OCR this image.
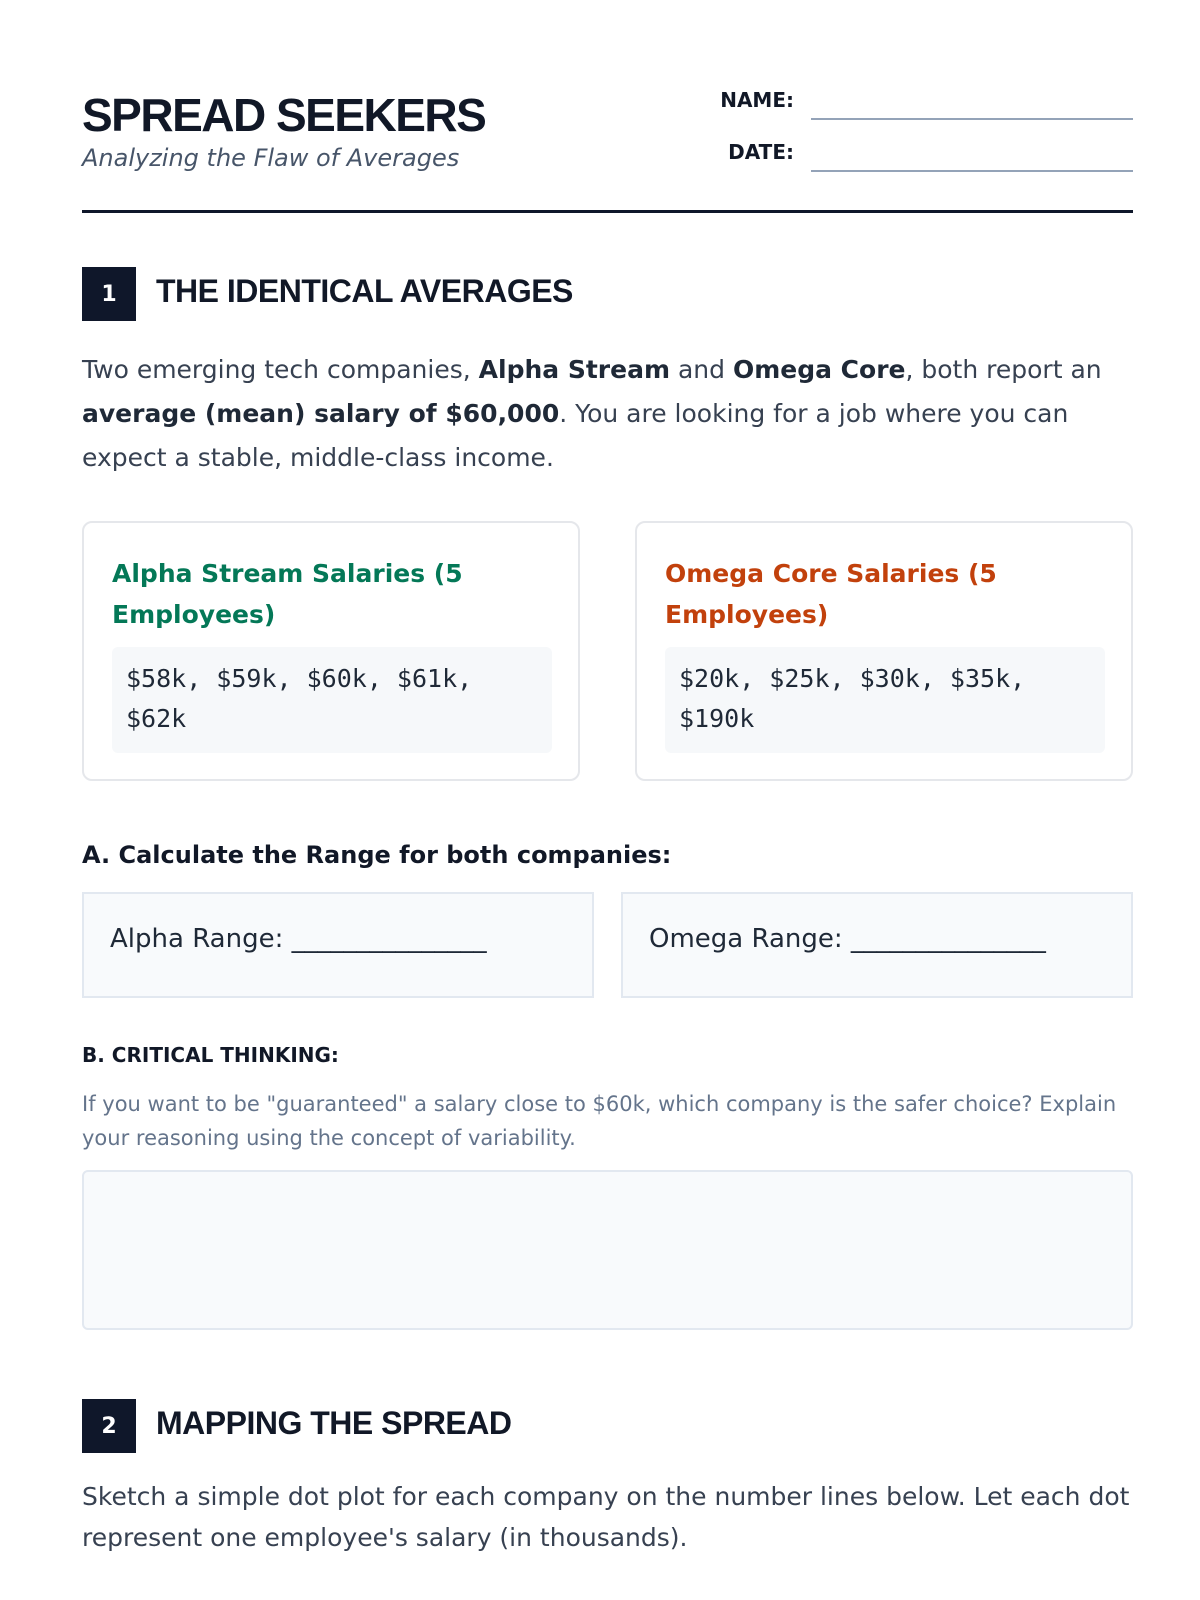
SPREAD SEEKERS
Analyzing the Flaw of Averages
NAME:
DATE:
1	THE IDENTICAL AVERAGES
Two emerging tech companies, Alpha Stream and Omega Core, both report an average (mean) salary of $60,000. You are looking for a job where you can expect a stable, middle-class income.
Alpha Stream Salaries (5 Employees)
$58k, $59k, $60k, $61k, $62k
Omega Core Salaries (5 Employees)
$20k, $25k, $30k, $35k, $190k
A. Calculate the Range for both companies:
Alpha Range: _______________	Omega Range: _______________
B. CRITICAL THINKING:
If you want to be "guaranteed" a salary close to $60k, which company is the safer choice? Explain your reasoning using the concept of variability.
2	MAPPING THE SPREAD
Sketch a simple dot plot for each company on the number lines below. Let each dot represent one employee's salary (in thousands).
